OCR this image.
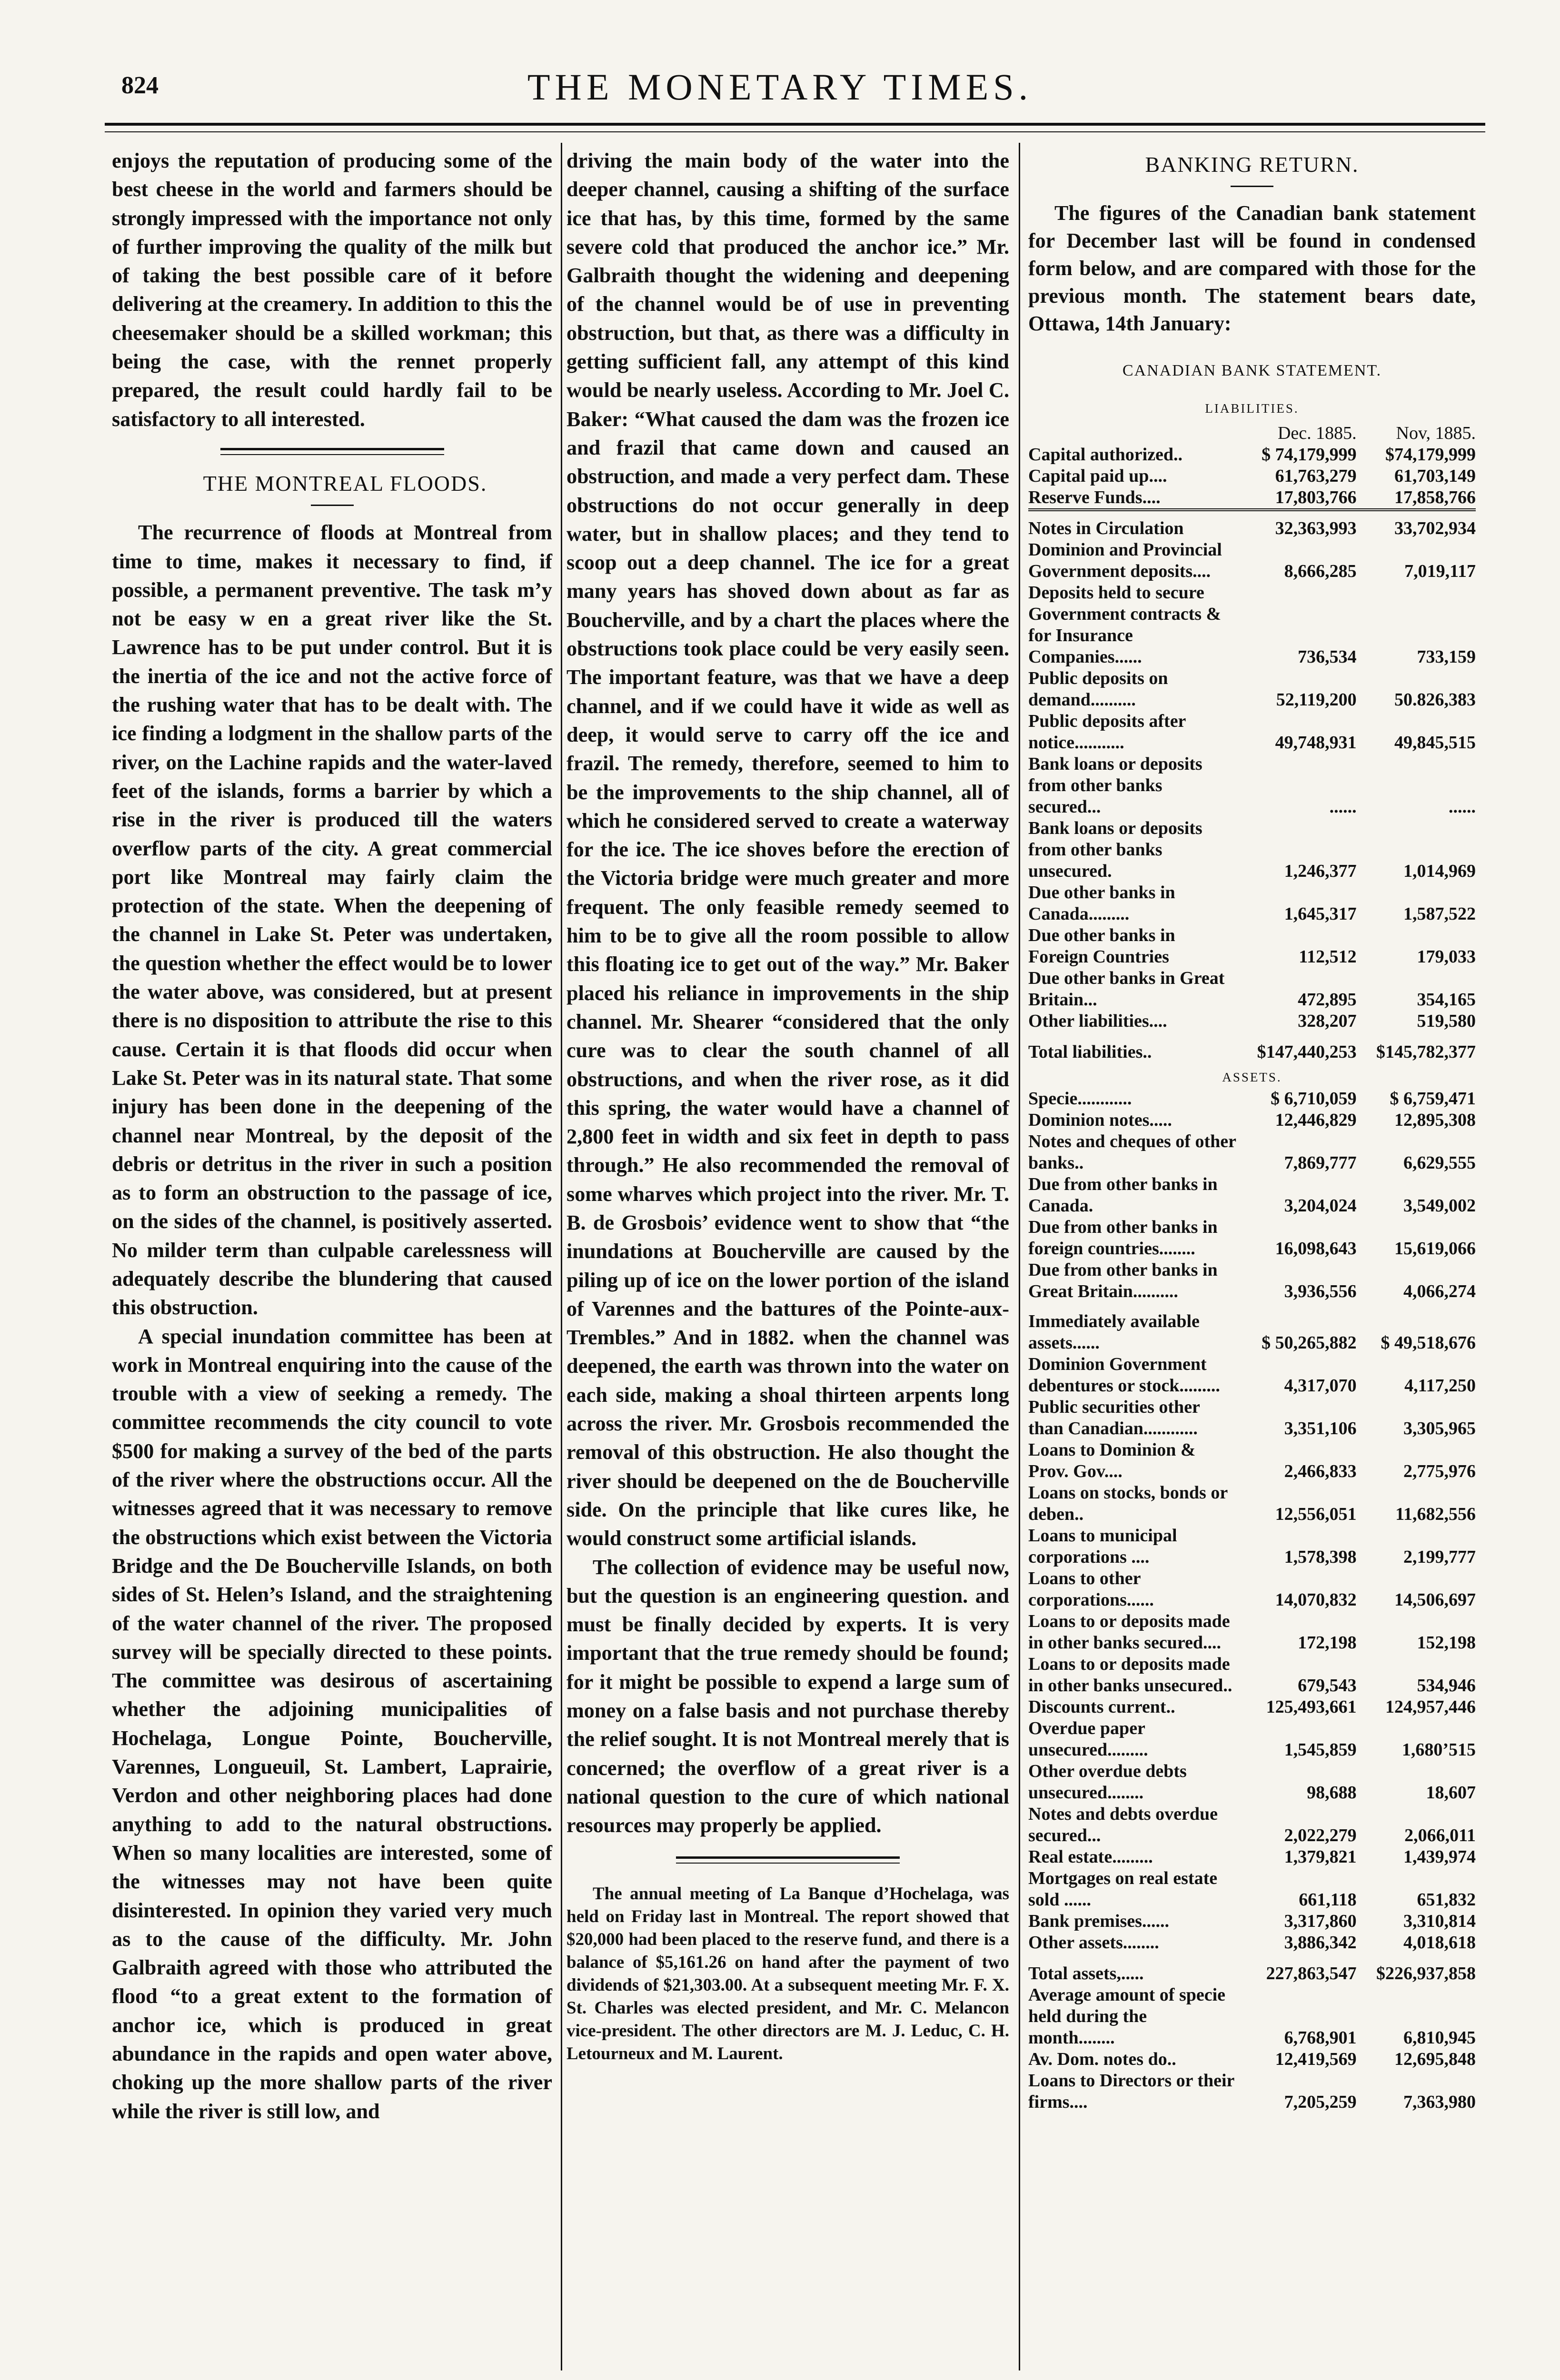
824	THE MONETARY TIMES.

enjoys the reputation of producing some of the best cheese in the world and farmers should be strongly impressed with the importance not only of further improving the quality of the milk but of taking the best possible care of it before delivering at the creamery. In addition to this the cheesemaker should be a skilled workman; this being the case, with the rennet properly prepared, the result could hardly fail to be satisfactory to all interested.

THE MONTREAL FLOODS.

The recurrence of floods at Montreal from time to time, makes it necessary to find, if possible, a permanent preventive. The task m’y not be easy w en a great river like the St. Lawrence has to be put under control. But it is the inertia of the ice and not the active force of the rushing water that has to be dealt with. The ice finding a lodgment in the shallow parts of the river, on the Lachine rapids and the water-laved feet of the islands, forms a barrier by which a rise in the river is produced till the waters overflow parts of the city. A great commercial port like Montreal may fairly claim the protection of the state. When the deepening of the channel in Lake St. Peter was undertaken, the question whether the effect would be to lower the water above, was considered, but at present there is no disposition to attribute the rise to this cause. Certain it is that floods did occur when Lake St. Peter was in its natural state. That some injury has been done in the deepening of the channel near Montreal, by the deposit of the debris or detritus in the river in such a position as to form an obstruction to the passage of ice, on the sides of the channel, is positively asserted. No milder term than culpable carelessness will adequately describe the blundering that caused this obstruction.

A special inundation committee has been at work in Montreal enquiring into the cause of the trouble with a view of seeking a remedy. The committee recommends the city council to vote $500 for making a survey of the bed of the parts of the river where the obstructions occur. All the witnesses agreed that it was necessary to remove the obstructions which exist between the Victoria Bridge and the De Boucherville Islands, on both sides of St. Helen’s Island, and the straightening of the water channel of the river. The proposed survey will be specially directed to these points. The committee was desirous of ascertaining whether the adjoining municipalities of Hochelaga, Longue Pointe, Boucherville, Varennes, Longueuil, St. Lambert, Laprairie, Verdon and other neighboring places had done anything to add to the natural obstructions. When so many localities are interested, some of the witnesses may not have been quite disinterested. In opinion they varied very much as to the cause of the difficulty. Mr. John Galbraith agreed with those who attributed the flood “to a great extent to the formation of anchor ice, which is produced in great abundance in the rapids and open water above, choking up the more shallow parts of the river while the river is still low, and

driving the main body of the water into the deeper channel, causing a shifting of the surface ice that has, by this time, formed by the same severe cold that produced the anchor ice.” Mr. Galbraith thought the widening and deepening of the channel would be of use in preventing obstruction, but that, as there was a difficulty in getting sufficient fall, any attempt of this kind would be nearly useless. According to Mr. Joel C. Baker: “What caused the dam was the frozen ice and frazil that came down and caused an obstruction, and made a very perfect dam. These obstructions do not occur generally in deep water, but in shallow places; and they tend to scoop out a deep channel. The ice for a great many years has shoved down about as far as Boucherville, and by a chart the places where the obstructions took place could be very easily seen. The important feature, was that we have a deep channel, and if we could have it wide as well as deep, it would serve to carry off the ice and frazil. The remedy, therefore, seemed to him to be the improvements to the ship channel, all of which he considered served to create a waterway for the ice. The ice shoves before the erection of the Victoria bridge were much greater and more frequent. The only feasible remedy seemed to him to be to give all the room possible to allow this floating ice to get out of the way.” Mr. Baker placed his reliance in improvements in the ship channel. Mr. Shearer “considered that the only cure was to clear the south channel of all obstructions, and when the river rose, as it did this spring, the water would have a channel of 2,800 feet in width and six feet in depth to pass through.” He also recommended the removal of some wharves which project into the river. Mr. T. B. de Grosbois’ evidence went to show that “the inundations at Boucherville are caused by the piling up of ice on the lower portion of the island of Varennes and the battures of the Pointe-aux-Trembles.” And in 1882. when the channel was deepened, the earth was thrown into the water on each side, making a shoal thirteen arpents long across the river. Mr. Grosbois recommended the removal of this obstruction. He also thought the river should be deepened on the de Boucherville side. On the principle that like cures like, he would construct some artificial islands.

The collection of evidence may be useful now, but the question is an engineering question. and must be finally decided by experts. It is very important that the true remedy should be found; for it might be possible to expend a large sum of money on a false basis and not purchase thereby the relief sought. It is not Montreal merely that is concerned; the overflow of a great river is a national question to the cure of which national resources may properly be applied.

The annual meeting of La Banque d’Hochelaga, was held on Friday last in Montreal. The report showed that $20,000 had been placed to the reserve fund, and there is a balance of $5,161.26 on hand after the payment of two dividends of $21,303.00. At a subsequent meeting Mr. F. X. St. Charles was elected president, and Mr. C. Melancon vice-president. The other directors are M. J. Leduc, C. H. Letourneux and M. Laurent.

BANKING RETURN.

The figures of the Canadian bank statement for December last will be found in condensed form below, and are compared with those for the previous month. The statement bears date, Ottawa, 14th January:

CANADIAN BANK STATEMENT.
LIABILITIES.
	Dec. 1885.	Nov, 1885.
Capital authorized..	$ 74,179,999	$74,179,999
Capital paid up....	61,763,279	61,703,149
Reserve Funds....	17,803,766	17,858,766

Notes in Circulation	32,363,993	33,702,934
Dominion and Provincial Government deposits....	8,666,285	7,019,117
Deposits held to secure Government contracts & for Insurance Companies......	736,534	733,159
Public deposits on demand..........	52,119,200	50.826,383
Public deposits after notice...........	49,748,931	49,845,515
Bank loans or deposits from other banks secured...	......	......
Bank loans or deposits from other banks unsecured.	1,246,377	1,014,969
Due other banks in Canada.........	1,645,317	1,587,522
Due other banks in Foreign Countries	112,512	179,033
Due other banks in Great Britain...	472,895	354,165
Other liabilities....	328,207	519,580
Total liabilities..	$147,440,253	$145,782,377
ASSETS.		
Specie............	$ 6,710,059	$ 6,759,471
Dominion notes.....	12,446,829	12,895,308
Notes and cheques of other banks..	7,869,777	6,629,555
Due from other banks in Canada.	3,204,024	3,549,002
Due from other banks in foreign countries........	16,098,643	15,619,066
Due from other banks in Great Britain..........	3,936,556	4,066,274
Immediately available assets......	$ 50,265,882	$ 49,518,676
Dominion Government debentures or stock.........	4,317,070	4,117,250
Public securities other than Canadian............	3,351,106	3,305,965
Loans to Dominion & Prov. Gov....	2,466,833	2,775,976
Loans on stocks, bonds or deben..	12,556,051	11,682,556
Loans to municipal corporations ....	1,578,398	2,199,777
Loans to other corporations......	14,070,832	14,506,697
Loans to or deposits made in other banks secured....	172,198	152,198
Loans to or deposits made in other banks unsecured..	679,543	534,946
Discounts current..	125,493,661	124,957,446
Overdue paper unsecured.........	1,545,859	1,680’515
Other overdue debts unsecured........	98,688	18,607
Notes and debts overdue secured...	2,022,279	2,066,011
Real estate.........	1,379,821	1,439,974
Mortgages on real estate sold ......	661,118	651,832
Bank premises......	3,317,860	3,310,814
Other assets........	3,886,342	4,018,618
Total assets,.....	227,863,547	$226,937,858
Average amount of specie held during the month........	6,768,901	6,810,945
Av. Dom. notes do..	12,419,569	12,695,848
Loans to Directors or their firms....	7,205,259	7,363,980
